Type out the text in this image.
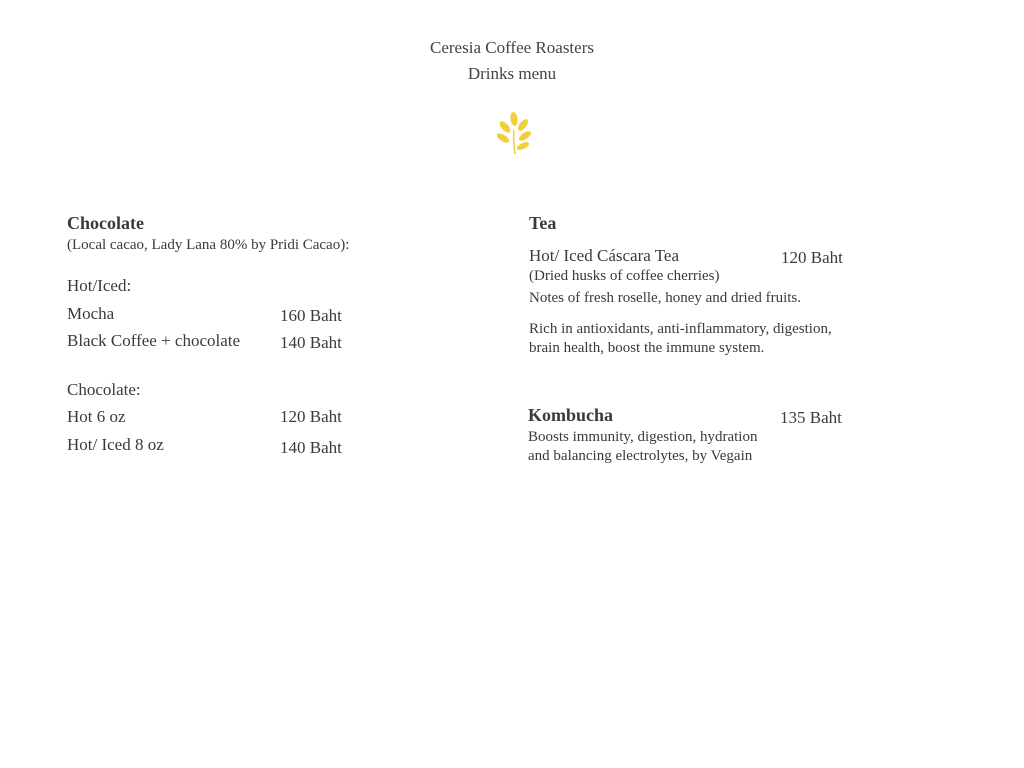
Ceresia Coffee Roasters
Drinks menu
Chocolate
(Local cacao, Lady Lana 80% by Pridi Cacao):
Hot/Iced:
Mocha	160 Baht
Black Coffee + chocolate 140 Baht
Chocolate:
Hot 6 oz	120 Baht
Hot/ Iced 8 oz	140 Baht
Tea
Hot/ Iced Cáscara Tea	120 Baht
(Dried husks of coffee cherries)
Notes of fresh roselle, honey and dried fruits.
Rich in antioxidants, anti-inflammatory, digestion,
brain health, boost the immune system.
Kombucha	135 Baht
Boosts immunity, digestion, hydration
and balancing electrolytes, by Vegain
